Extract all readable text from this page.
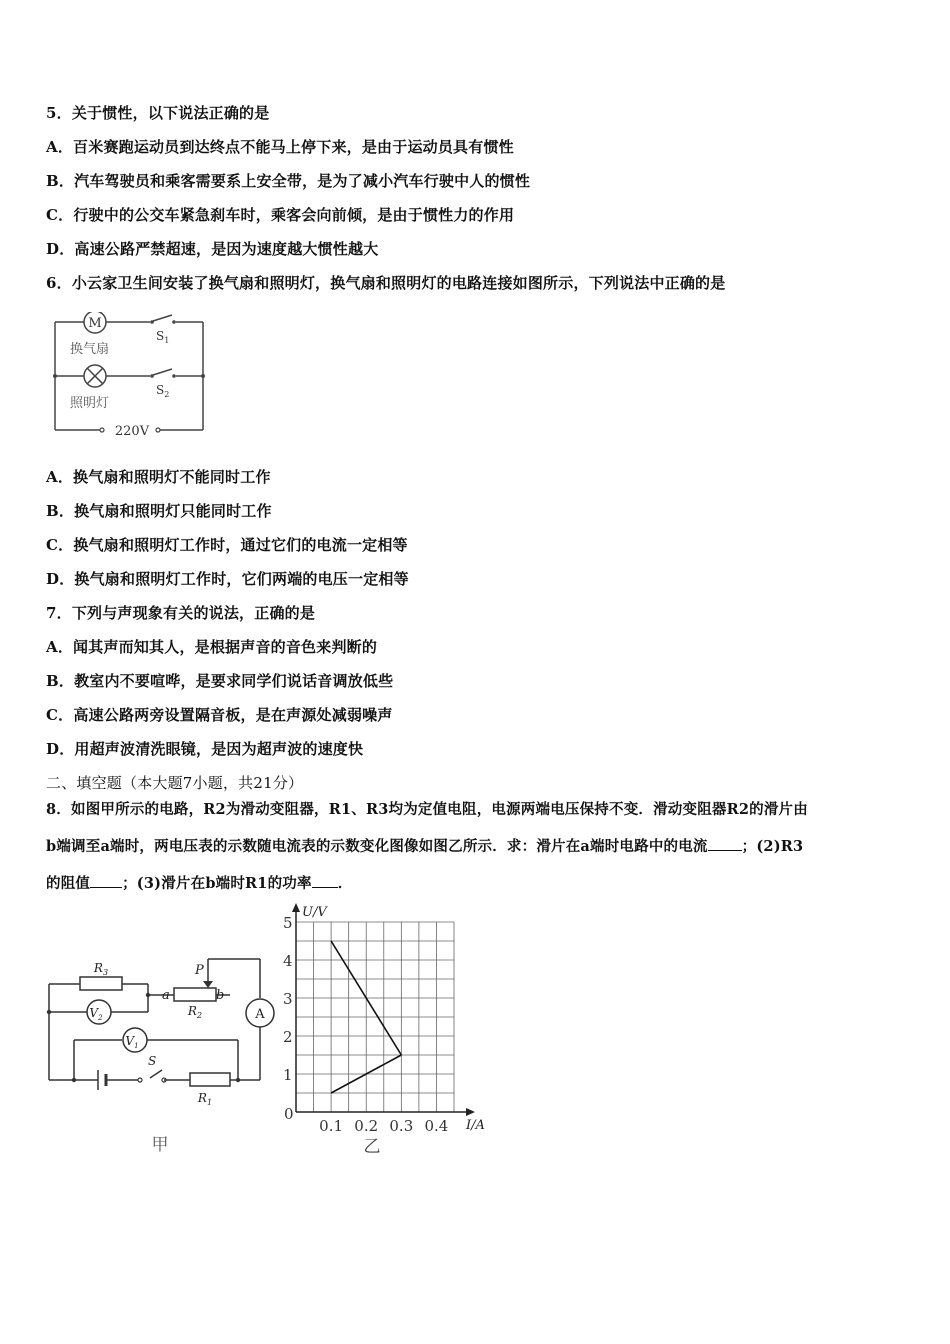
5．关于惯性，以下说法正确的是
A．百米赛跑运动员到达终点不能马上停下来，是由于运动员具有惯性
B．汽车驾驶员和乘客需要系上安全带，是为了减小汽车行驶中人的惯性
C．行驶中的公交车紧急刹车时，乘客会向前倾，是由于惯性力的作用
D．高速公路严禁超速，是因为速度越大惯性越大
6．小云家卫生间安装了换气扇和照明灯，换气扇和照明灯的电路连接如图所示，下列说法中正确的是
M
$S_1$
换气扇
$S_2$
照明灯
220V
A．换气扇和照明灯不能同时工作
B．换气扇和照明灯只能同时工作
C．换气扇和照明灯工作时，通过它们的电流一定相等
D．换气扇和照明灯工作时，它们两端的电压一定相等
7．下列与声现象有关的说法，正确的是
A．闻其声而知其人，是根据声音的音色来判断的
B．教室内不要喧哗，是要求同学们说话音调放低些
C．高速公路两旁设置隔音板，是在声源处减弱噪声
D．用超声波清洗眼镜，是因为超声波的速度快
二、填空题（本大题7小题，共21分）
8．如图甲所示的电路，R2为滑动变阻器，R1、R3均为定值电阻，电源两端电压保持不变．滑动变阻器R2的滑片由
b端调至a端时，两电压表的示数随电流表的示数变化图像如图乙所示．求：滑片在a端时电路中的电流 ；(2)R3
的阻值 ；(3)滑片在b端时R1的功率 ．
$R_3$	P
a
$R_2$
b
A
$V_2$
$V_1$
S
$R_1$
甲
0.1 0.2 0.3 0.4
1
2
3
4
5
U/V
I/A
0
乙
